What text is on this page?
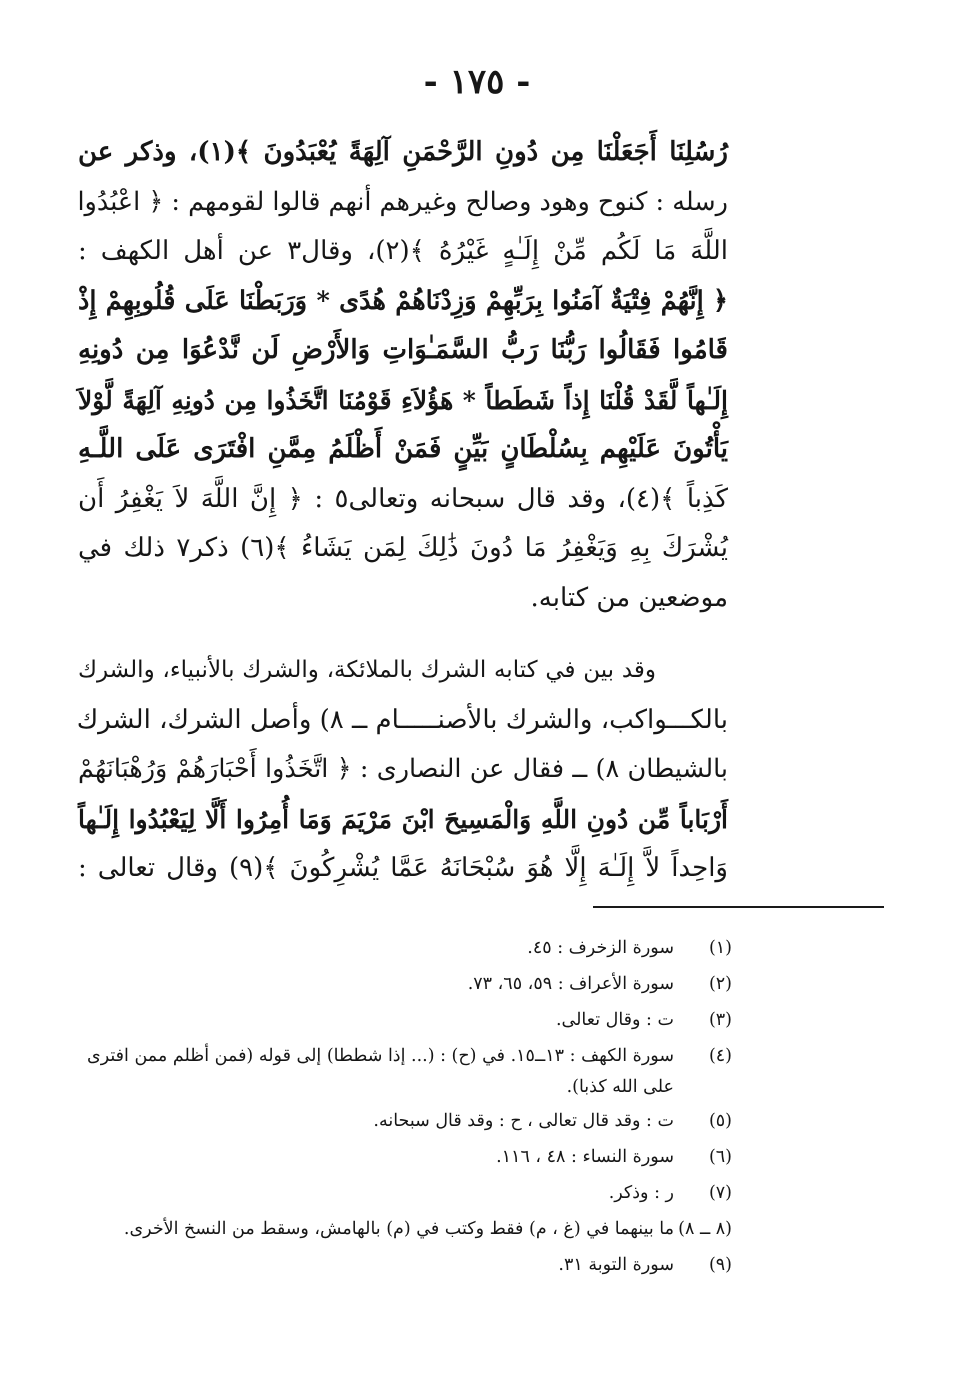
- ١٧٥ -
رُسُلِنَا أَجَعَلْنَا مِن دُونِ الرَّحْمَنِ آلِهَةً يُعْبَدُونَ ﴾(١)، وذكر عن
رسله : كنوح وهود وصالح وغيرهم أنهم قالوا لقومهم : ﴿ اعْبُدُوا
اللَّهَ مَا لَكُم مِّنْ إِلَـٰهٍ غَيْرُهُ ﴾(٢)، وقال٣ عن أهل الكهف :
﴿ إِنَّهُمْ فِتْيَةٌ آمَنُوا بِرَبِّهِمْ وَزِدْنَاهُمْ هُدًى * وَرَبَطْنَا عَلَى قُلُوبِهِمْ إِذْ
قَامُوا فَقَالُوا رَبُّنَا رَبُّ السَّمَـٰوَاتِ وَالأَرْضِ لَن نَّدْعُوَا مِن دُونِهِ
إِلَـٰهاً لَّقَدْ قُلْنَا إِذاً شَطَطاً * هَؤُلاَءِ قَوْمُنَا اتَّخَذُوا مِن دُونِهِ آلِهَةً لَّوْلاَ
يَأْتُونَ عَلَيْهِم بِسُلْطَانٍ بَيِّنٍ فَمَنْ أَظْلَمُ مِمَّنِ افْتَرَى عَلَى اللَّـهِ
كَذِباً ﴾(٤)، وقد قال سبحانه وتعالى٥ : ﴿ إِنَّ اللَّهَ لاَ يَغْفِرُ أَن
يُشْرَكَ بِهِ وَيَغْفِرُ مَا دُونَ ذَٰلِكَ لِمَن يَشَاءُ ﴾(٦) ذكر٧ ذلك في
موضعين من كتابه.
وقد بين في كتابه الشرك بالملائكة، والشرك بالأنبياء، والشرك
بالكـــواكب، والشرك بالأصنـــــام ــ ٨) وأصل الشرك، الشرك
بالشيطان ٨) ــ فقال عن النصارى : ﴿ اتَّخَذُوا أَحْبَارَهُمْ وَرُهْبَانَهُمْ
أَرْبَاباً مِّن دُونِ اللَّهِ وَالْمَسِيحَ ابْنَ مَرْيَمَ وَمَا أُمِرُوا أَلَّا لِيَعْبُدُوا إِلَـٰهاً
وَاحِداً لاَّ إِلَـٰهَ إِلَّا هُوَ سُبْحَانَهُ عَمَّا يُشْرِكُونَ ﴾(٩) وقال تعالى :
(١)
سورة الزخرف : ٤٥.
(٢)
سورة الأعراف : ٥٩، ٦٥، ٧٣.
(٣)
ت : وقال تعالى.
(٤)
سورة الكهف : ١٣ــ١٥. في (ح) : (... إذا شططا) إلى قوله (فمن أظلم ممن افترى على الله كذبا).
(٥)
ت : وقد قال تعالى ، ح : وقد قال سبحانه.
(٦)
سورة النساء : ٤٨ ، ١١٦.
(٧)
ر : وذكر.
(٨ ــ ٨)
ما بينهما في (غ ، م) فقط وكتب في (م) بالهامش، وسقط من النسخ الأخرى.
(٩)
سورة التوبة ٣١.
